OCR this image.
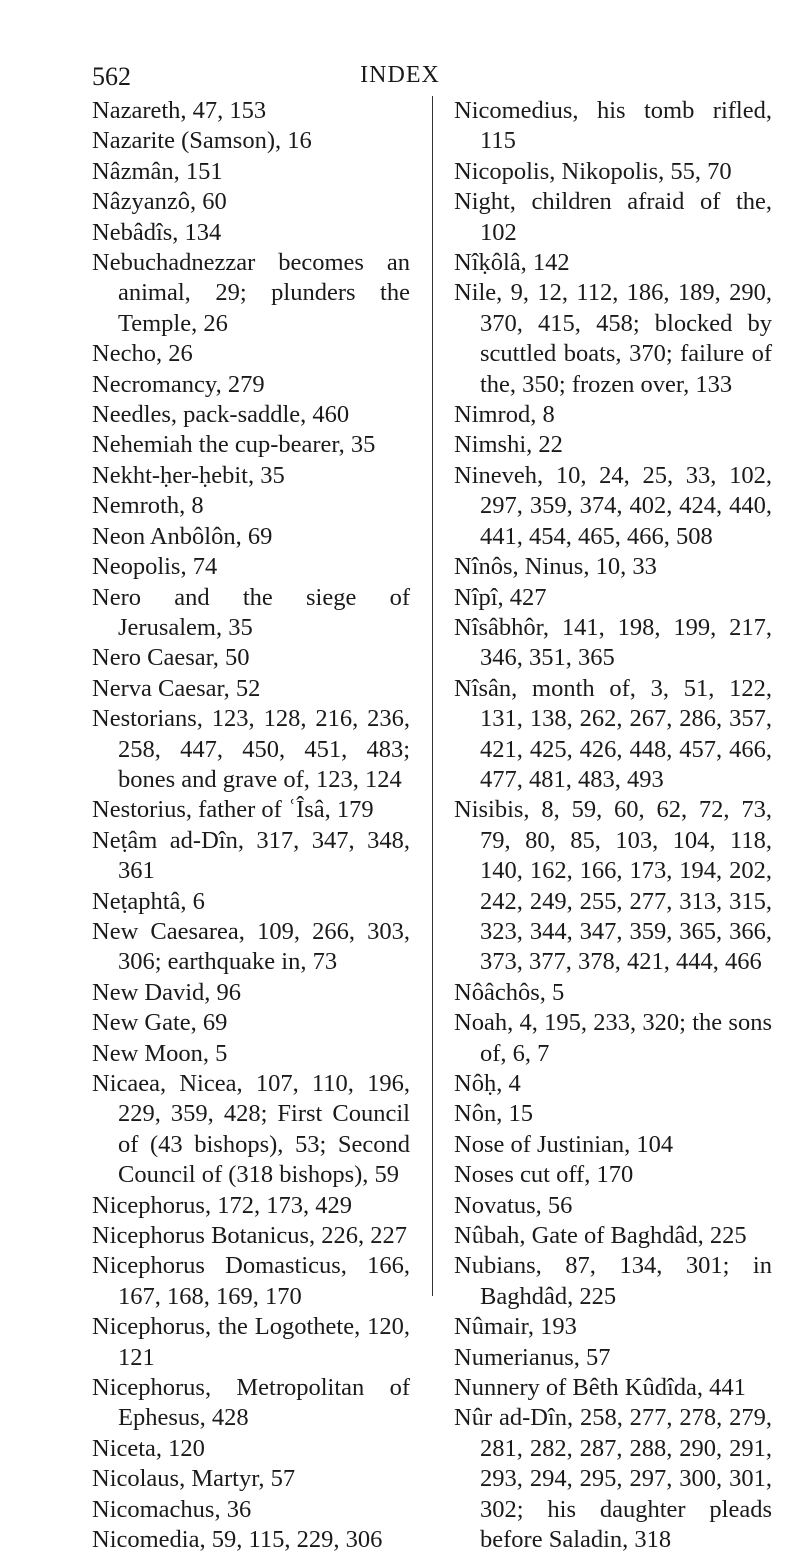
562	INDEX

Nazareth, 47, 153

Nazarite (Samson), 16

Nâzmân, 151

Nâzyanzô, 60

Nebâdîs, 134

Nebuchadnezzar becomes an animal, 29; plunders the Temple, 26

Necho, 26

Necromancy, 279

Needles, pack-saddle, 460

Nehemiah the cup-bearer, 35

Nekht-ḥer-ḥebit, 35

Nemroth, 8

Neon Anbôlôn, 69

Neopolis, 74

Nero and the siege of Jerusalem, 35

Nero Caesar, 50

Nerva Caesar, 52

Nestorians, 123, 128, 216, 236, 258, 447, 450, 451, 483; bones and grave of, 123, 124

Nestorius, father of ʿÎsâ, 179

Neṭâm ad-Dîn, 317, 347, 348, 361

Neṭaphtâ, 6

New Caesarea, 109, 266, 303, 306; earthquake in, 73

New David, 96

New Gate, 69

New Moon, 5

Nicaea, Nicea, 107, 110, 196, 229, 359, 428; First Council of (43 bishops), 53; Second Council of (318 bishops), 59

Nicephorus, 172, 173, 429

Nicephorus Botanicus, 226, 227

Nicephorus Domasticus, 166, 167, 168, 169, 170

Nicephorus, the Logothete, 120, 121

Nicephorus, Metropolitan of Ephesus, 428

Niceta, 120

Nicolaus, Martyr, 57

Nicomachus, 36

Nicomedia, 59, 115, 229, 306

Nicomedius, his tomb rifled, 115

Nicopolis, Nikopolis, 55, 70

Night, children afraid of the, 102

Nîḳôlâ, 142

Nile, 9, 12, 112, 186, 189, 290, 370, 415, 458; blocked by scuttled boats, 370; failure of the, 350; frozen over, 133

Nimrod, 8

Nimshi, 22

Nineveh, 10, 24, 25, 33, 102, 297, 359, 374, 402, 424, 440, 441, 454, 465, 466, 508

Nînôs, Ninus, 10, 33

Nîpî, 427

Nîsâbhôr, 141, 198, 199, 217, 346, 351, 365

Nîsân, month of, 3, 51, 122, 131, 138, 262, 267, 286, 357, 421, 425, 426, 448, 457, 466, 477, 481, 483, 493

Nisibis, 8, 59, 60, 62, 72, 73, 79, 80, 85, 103, 104, 118, 140, 162, 166, 173, 194, 202, 242, 249, 255, 277, 313, 315, 323, 344, 347, 359, 365, 366, 373, 377, 378, 421, 444, 466

Nôâchôs, 5

Noah, 4, 195, 233, 320; the sons of, 6, 7

Nôḥ, 4

Nôn, 15

Nose of Justinian, 104

Noses cut off, 170

Novatus, 56

Nûbah, Gate of Baghdâd, 225

Nubians, 87, 134, 301; in Baghdâd, 225

Nûmair, 193

Numerianus, 57

Nunnery of Bêth Kûdîda, 441

Nûr ad-Dîn, 258, 277, 278, 279, 281, 282, 287, 288, 290, 291, 293, 294, 295, 297, 300, 301, 302; his daughter pleads before Saladin, 318
